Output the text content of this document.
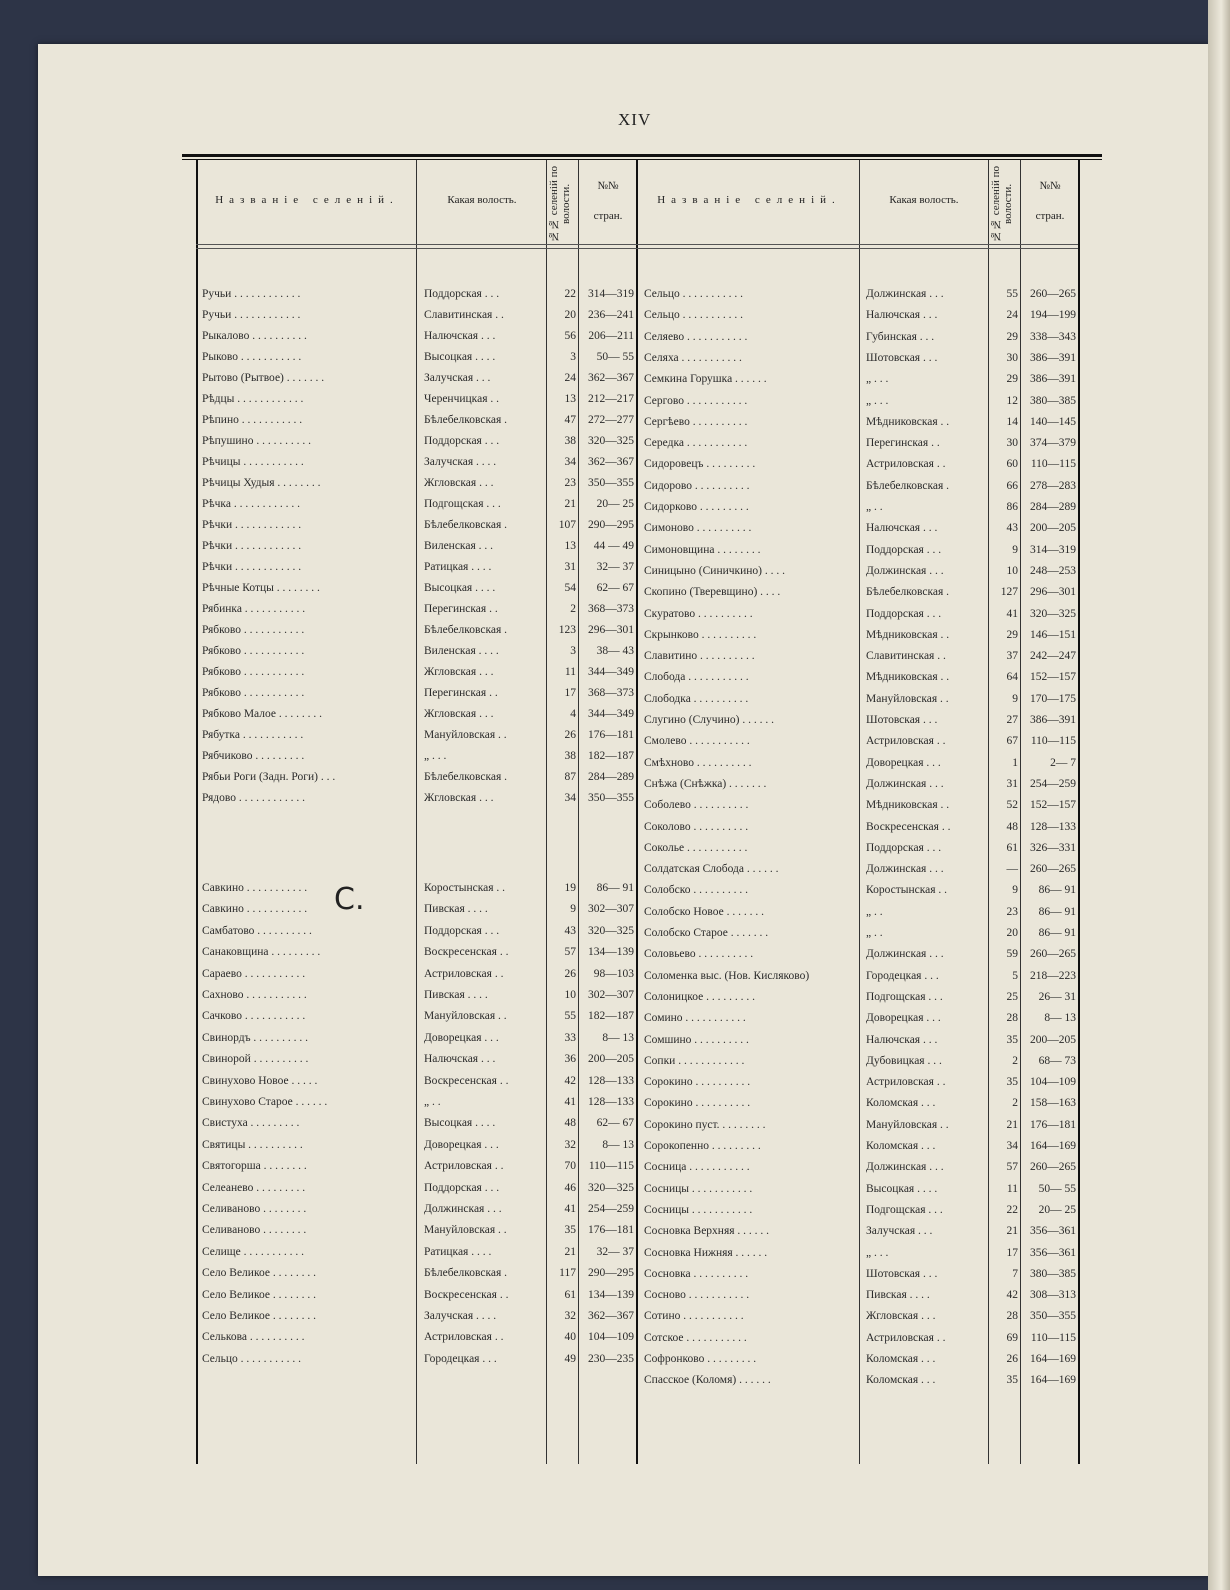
XIV
Названіе селеній.	Какая волость.	№№ селеній по волости.	№№
стран.
Названіе селеній.	Какая волость.	№№ селеній по волости.	№№
стран.
С.
Ручьи . . . . . . . . . . . .	Поддорская . . .	22	314—319
Ручьи . . . . . . . . . . . .	Славитинская . .	20	236—241
Рыкалово . . . . . . . . . .	Налючская . . .	56	206—211
Рыково . . . . . . . . . . .	Высоцкая . . . .	3	50— 55
Рытово (Рытвое) . . . . . . .	Залучская . . .	24	362—367
Рѣдцы . . . . . . . . . . . .	Черенчицкая . .	13	212—217
Рѣпино . . . . . . . . . . .	Бѣлебелковская .	47	272—277
Рѣпушино . . . . . . . . . .	Поддорская . . .	38	320—325
Рѣчицы . . . . . . . . . . .	Залучская . . . .	34	362—367
Рѣчицы Худыя . . . . . . . .	Жгловская . . .	23	350—355
Рѣчка . . . . . . . . . . . .	Подгощская . . .	21	20— 25
Рѣчки . . . . . . . . . . . .	Бѣлебелковская .	107	290—295
Рѣчки . . . . . . . . . . . .	Виленская . . .	13	44 — 49
Рѣчки . . . . . . . . . . . .	Ратицкая . . . .	31	32— 37
Рѣчные Котцы . . . . . . . .	Высоцкая . . . .	54	62— 67
Рябинка . . . . . . . . . . .	Перегинская . .	2	368—373
Рябково . . . . . . . . . . .	Бѣлебелковская .	123	296—301
Рябково . . . . . . . . . . .	Виленская . . . .	3	38— 43
Рябково . . . . . . . . . . .	Жгловская . . .	11	344—349
Рябково . . . . . . . . . . .	Перегинская . .	17	368—373
Рябково Малое . . . . . . . .	Жгловская . . .	4	344—349
Рябутка . . . . . . . . . . .	Мануйловская . .	26	176—181
Рябчиково . . . . . . . . .	„ . . .	38	182—187
Рябьи Роги (Задн. Роги) . . .	Бѣлебелковская .	87	284—289
Рядово . . . . . . . . . . . .	Жгловская . . .	34	350—355
Савкино . . . . . . . . . . .	Коростынская . .	19	86— 91
Савкино . . . . . . . . . . .	Пивская . . . .	9	302—307
Самбатово . . . . . . . . . .	Поддорская . . .	43	320—325
Санаковщина . . . . . . . . .	Воскресенская . .	57	134—139
Сараево . . . . . . . . . . .	Астриловская . .	26	98—103
Сахново . . . . . . . . . . .	Пивская . . . .	10	302—307
Сачково . . . . . . . . . . .	Мануйловская . .	55	182—187
Свинордъ . . . . . . . . . .	Доворецкая . . .	33	8— 13
Свинорой . . . . . . . . . .	Налючская . . .	36	200—205
Свинухово Новое . . . . .	Воскресенская . .	42	128—133
Свинухово Старое . . . . . .	„ . .	41	128—133
Свистуха . . . . . . . . .	Высоцкая . . . .	48	62— 67
Святицы . . . . . . . . . .	Доворецкая . . .	32	8— 13
Святогорша . . . . . . . .	Астриловская . .	70	110—115
Селеанево . . . . . . . . .	Поддорская . . .	46	320—325
Селиваново . . . . . . . .	Должинская . . .	41	254—259
Селиваново . . . . . . . .	Мануйловская . .	35	176—181
Селище . . . . . . . . . . .	Ратицкая . . . .	21	32— 37
Село Великое . . . . . . . .	Бѣлебелковская .	117	290—295
Село Великое . . . . . . . .	Воскресенская . .	61	134—139
Село Великое . . . . . . . .	Залучская . . . .	32	362—367
Селькова . . . . . . . . . .	Астриловская . .	40	104—109
Сельцо . . . . . . . . . . .	Городецкая . . .	49	230—235
Сельцо . . . . . . . . . . .	Должинская . . .	55	260—265
Сельцо . . . . . . . . . . .	Налючская . . .	24	194—199
Селяево . . . . . . . . . . .	Губинская . . .	29	338—343
Селяха . . . . . . . . . . .	Шотовская . . .	30	386—391
Семкина Горушка . . . . . .	„ . . .	29	386—391
Сергово . . . . . . . . . . .	„ . . .	12	380—385
Сергѣево . . . . . . . . . .	Мѣдниковская . .	14	140—145
Середка . . . . . . . . . . .	Перегинская . .	30	374—379
Сидоровецъ . . . . . . . . .	Астриловская . .	60	110—115
Сидорово . . . . . . . . . .	Бѣлебелковская .	66	278—283
Сидорково . . . . . . . . .	„ . .	86	284—289
Симоново . . . . . . . . . .	Налючская . . .	43	200—205
Симоновщина . . . . . . . .	Поддорская . . .	9	314—319
Синицыно (Синичкино) . . . .	Должинская . . .	10	248—253
Скопино (Тверевщино) . . . .	Бѣлебелковская .	127	296—301
Скуратово . . . . . . . . . .	Поддорская . . .	41	320—325
Скрынково . . . . . . . . . .	Мѣдниковская . .	29	146—151
Славитино . . . . . . . . . .	Славитинская . .	37	242—247
Слобода . . . . . . . . . . .	Мѣдниковская . .	64	152—157
Слободка . . . . . . . . . .	Мануйловская . .	9	170—175
Слугино (Случино) . . . . . .	Шотовская . . .	27	386—391
Смолево . . . . . . . . . . .	Астриловская . .	67	110—115
Смѣхново . . . . . . . . . .	Доворецкая . . .	1	2— 7
Снѣжа (Снѣжка) . . . . . . .	Должинская . . .	31	254—259
Соболево . . . . . . . . . .	Мѣдниковская . .	52	152—157
Соколово . . . . . . . . . .	Воскресенская . .	48	128—133
Соколье . . . . . . . . . . .	Поддорская . . .	61	326—331
Солдатская Слобода . . . . . .	Должинская . . .	—	260—265
Солобско . . . . . . . . . .	Коростынская . .	9	86— 91
Солобско Новое . . . . . . .	„ . .	23	86— 91
Солобско Старое . . . . . . .	„ . .	20	86— 91
Соловьево . . . . . . . . . .	Должинская . . .	59	260—265
Соломенка выс. (Нов. Кисляково)	Городецкая . . .	5	218—223
Солоницкое . . . . . . . . .	Подгощская . . .	25	26— 31
Сомино . . . . . . . . . . .	Доворецкая . . .	28	8— 13
Сомшино . . . . . . . . . .	Налючская . . .	35	200—205
Сопки . . . . . . . . . . . .	Дубовицкая . . .	2	68— 73
Сорокино . . . . . . . . . .	Астриловская . .	35	104—109
Сорокино . . . . . . . . . .	Коломская . . .	2	158—163
Сорокино пуст. . . . . . . . .	Мануйловская . .	21	176—181
Сорокопенно . . . . . . . . .	Коломская . . .	34	164—169
Сосница . . . . . . . . . . .	Должинская . . .	57	260—265
Сосницы . . . . . . . . . . .	Высоцкая . . . .	11	50— 55
Сосницы . . . . . . . . . . .	Подгощская . . .	22	20— 25
Сосновка Верхняя . . . . . .	Залучская . . .	21	356—361
Сосновка Нижняя . . . . . .	„ . . .	17	356—361
Сосновка . . . . . . . . . .	Шотовская . . .	7	380—385
Сосново . . . . . . . . . . .	Пивская . . . .	42	308—313
Сотино . . . . . . . . . . .	Жгловская . . .	28	350—355
Сотское . . . . . . . . . . .	Астриловская . .	69	110—115
Софронково . . . . . . . . .	Коломская . . .	26	164—169
Спасское (Коломя) . . . . . .	Коломская . . .	35	164—169
